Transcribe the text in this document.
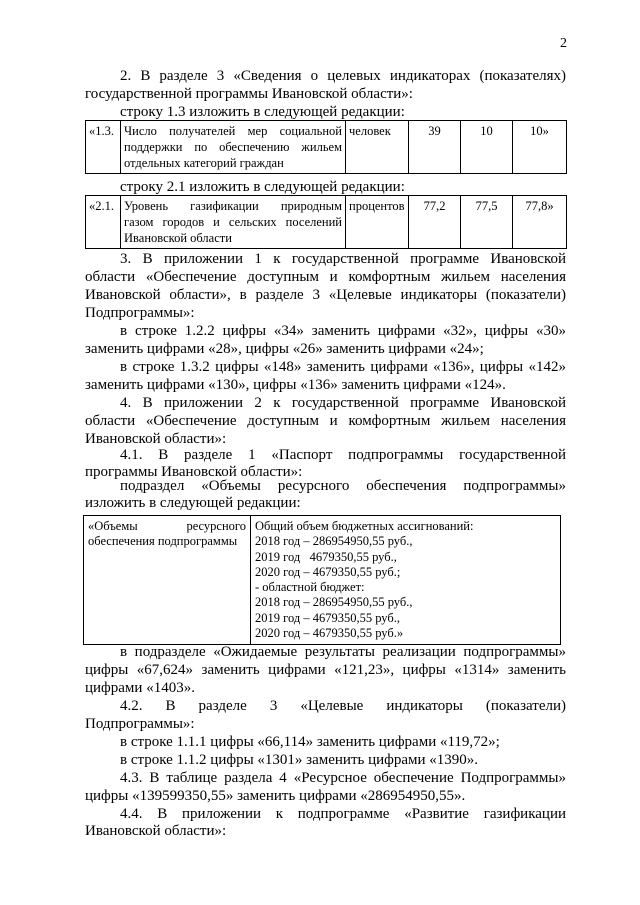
2
2. В разделе 3 «Сведения о целевых индикаторах (показателях)
государственной программы Ивановской области»:
строку 1.3 изложить в следующей редакции:
«1.3.	Число получателей мер социальной
поддержки по обеспечению жильем
отдельных категорий граждан
	человек	39	10	10»
строку 2.1 изложить в следующей редакции:
«2.1.	Уровень газификации природным
газом городов и сельских поселений
Ивановской области
	процентов	77,2	77,5	77,8»
3. В приложении 1 к государственной программе Ивановской
области «Обеспечение доступным и комфортным жильем населения
Ивановской области», в разделе 3 «Целевые индикаторы (показатели)
Подпрограммы»:
в строке 1.2.2 цифры «34» заменить цифрами «32», цифры «30»
заменить цифрами «28», цифры «26» заменить цифрами «24»;
в строке 1.3.2 цифры «148» заменить цифрами «136», цифры «142»
заменить цифрами «130», цифры «136» заменить цифрами «124».
4. В приложении 2 к государственной программе Ивановской
области «Обеспечение доступным и комфортным жильем населения
Ивановской области»:
4.1. В разделе 1 «Паспорт подпрограммы государственной
программы Ивановской области»:
подраздел «Объемы ресурсного обеспечения подпрограммы»
изложить в следующей редакции:
«Объемы ресурсного
обеспечения подпрограммы

Общий объем бюджетных ассигнований:
2018 год – 286954950,55 руб.,
2019 год   4679350,55 руб.,
2020 год – 4679350,55 руб.;
- областной бюджет:
2018 год – 286954950,55 руб.,
2019 год – 4679350,55 руб.,
2020 год – 4679350,55 руб.»
в подразделе «Ожидаемые результаты реализации подпрограммы»
цифры «67,624» заменить цифрами «121,23», цифры «1314» заменить
цифрами «1403».
4.2. В разделе 3 «Целевые индикаторы (показатели)
Подпрограммы»:
в строке 1.1.1 цифры «66,114» заменить цифрами «119,72»;
в строке 1.1.2 цифры «1301» заменить цифрами «1390».
4.3. В таблице раздела 4 «Ресурсное обеспечение Подпрограммы»
цифры «139599350,55» заменить цифрами «286954950,55».
4.4. В приложении к подпрограмме «Развитие газификации
Ивановской области»:
